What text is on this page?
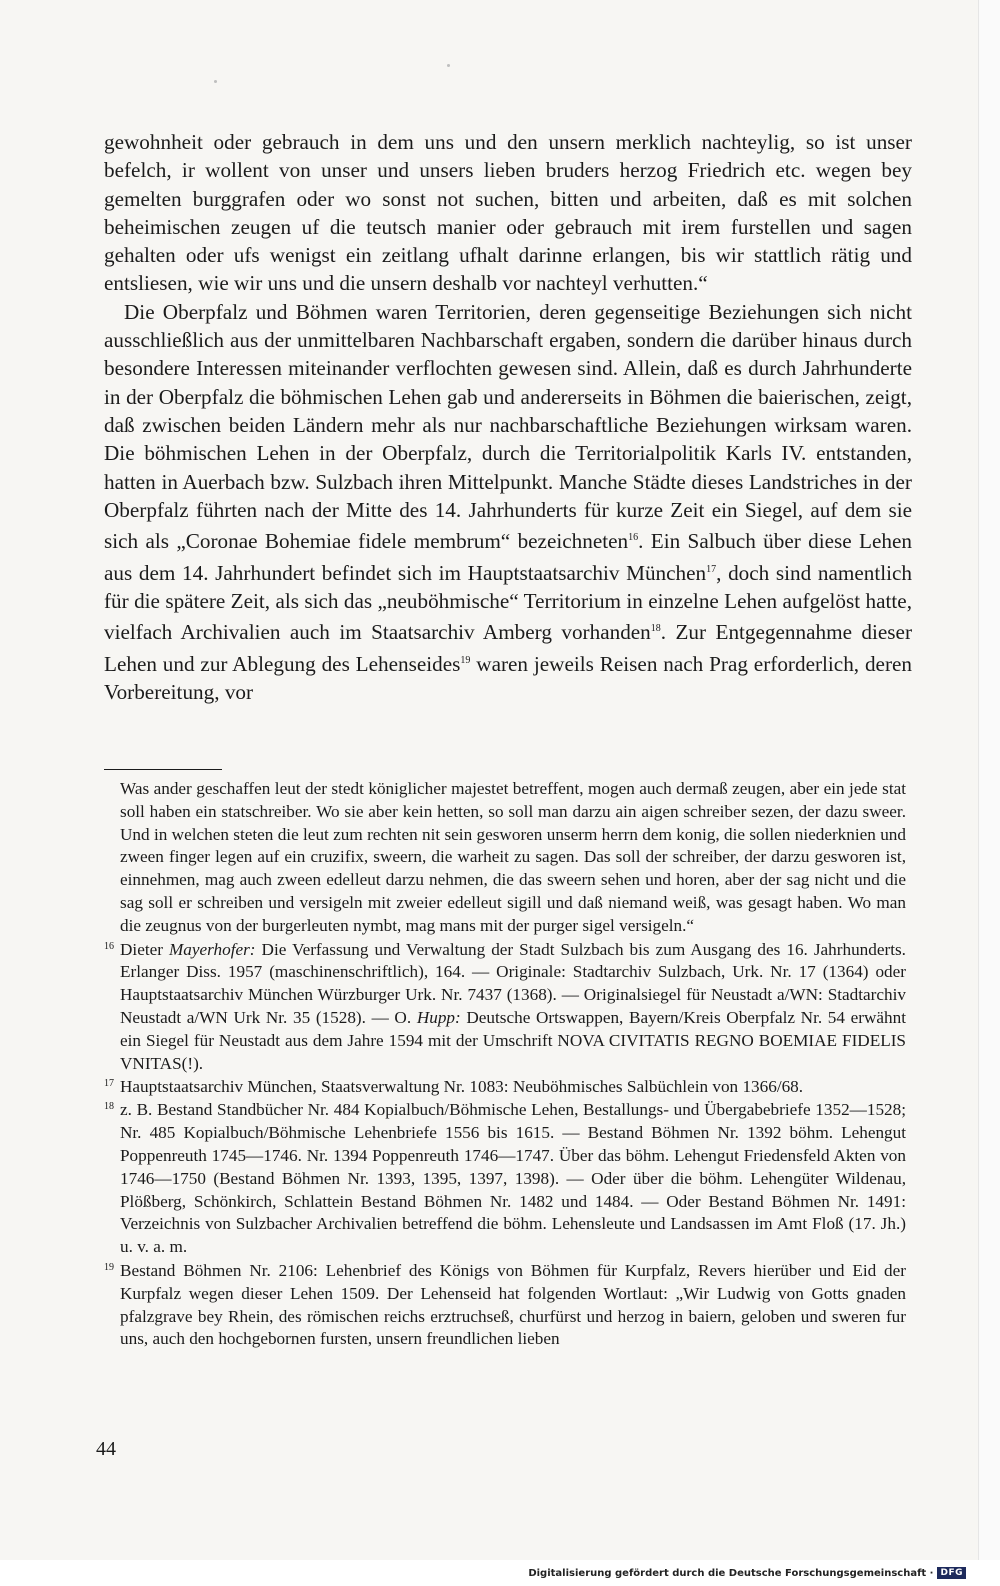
gewohnheit oder gebrauch in dem uns und den unsern merklich nachteylig, so ist unser befelch, ir wollent von unser und unsers lieben bruders herzog Friedrich etc. wegen bey gemelten burggrafen oder wo sonst not suchen, bitten und arbeiten, daß es mit solchen beheimischen zeugen uf die teutsch manier oder gebrauch mit irem furstellen und sagen gehalten oder ufs wenigst ein zeitlang ufhalt darinne erlangen, bis wir stattlich rätig und entsliesen, wie wir uns und die unsern deshalb vor nachteyl verhutten.“

Die Oberpfalz und Böhmen waren Territorien, deren gegenseitige Beziehungen sich nicht ausschließlich aus der unmittelbaren Nachbarschaft ergaben, sondern die darüber hinaus durch besondere Interessen miteinander verflochten gewesen sind. Allein, daß es durch Jahrhunderte in der Oberpfalz die böhmischen Lehen gab und andererseits in Böhmen die baierischen, zeigt, daß zwischen beiden Ländern mehr als nur nachbarschaftliche Beziehungen wirksam waren. Die böhmischen Lehen in der Oberpfalz, durch die Territorialpolitik Karls IV. entstanden, hatten in Auerbach bzw. Sulzbach ihren Mittelpunkt. Manche Städte dieses Landstriches in der Oberpfalz führten nach der Mitte des 14. Jahrhunderts für kurze Zeit ein Siegel, auf dem sie sich als „Coronae Bohemiae fidele membrum“ bezeichneten$^{16}$. Ein Salbuch über diese Lehen aus dem 14. Jahrhundert befindet sich im Hauptstaatsarchiv München$^{17}$, doch sind namentlich für die spätere Zeit, als sich das „neuböhmische“ Territorium in einzelne Lehen aufgelöst hatte, vielfach Archivalien auch im Staatsarchiv Amberg vorhanden$^{18}$. Zur Entgegennahme dieser Lehen und zur Ablegung des Lehenseides$^{19}$ waren jeweils Reisen nach Prag erforderlich, deren Vorbereitung, vor

Was ander geschaffen leut der stedt königlicher majestet betreffent, mogen auch dermaß zeugen, aber ein jede stat soll haben ein statschreiber. Wo sie aber kein hetten, so soll man darzu ain aigen schreiber sezen, der dazu sweer. Und in welchen steten die leut zum rechten nit sein gesworen unserm herrn dem konig, die sollen niederknien und zween finger legen auf ein cruzifix, sweern, die warheit zu sagen. Das soll der schreiber, der darzu gesworen ist, einnehmen, mag auch zween edelleut darzu nehmen, die das sweern sehen und horen, aber der sag nicht und die sag soll er schreiben und versigeln mit zweier edelleut sigill und daß niemand weiß, was gesagt haben. Wo man die zeugnus von der burgerleuten nymbt, mag mans mit der purger sigel versigeln.“
16 Dieter Mayerhofer: Die Verfassung und Verwaltung der Stadt Sulzbach bis zum Ausgang des 16. Jahrhunderts. Erlanger Diss. 1957 (maschinenschriftlich), 164. — Originale: Stadtarchiv Sulzbach, Urk. Nr. 17 (1364) oder Hauptstaatsarchiv München Würzburger Urk. Nr. 7437 (1368). — Originalsiegel für Neustadt a/WN: Stadtarchiv Neustadt a/WN Urk Nr. 35 (1528). — O. Hupp: Deutsche Ortswappen, Bayern/Kreis Oberpfalz Nr. 54 erwähnt ein Siegel für Neustadt aus dem Jahre 1594 mit der Umschrift NOVA CIVITATIS REGNO BOEMIAE FIDELIS VNITAS(!).
17 Hauptstaatsarchiv München, Staatsverwaltung Nr. 1083: Neuböhmisches Salbüchlein von 1366/68.
18 z. B. Bestand Standbücher Nr. 484 Kopialbuch/Böhmische Lehen, Bestallungs- und Übergabebriefe 1352—1528; Nr. 485 Kopialbuch/Böhmische Lehenbriefe 1556 bis 1615. — Bestand Böhmen Nr. 1392 böhm. Lehengut Poppenreuth 1745—1746. Nr. 1394 Poppenreuth 1746—1747. Über das böhm. Lehengut Friedensfeld Akten von 1746—1750 (Bestand Böhmen Nr. 1393, 1395, 1397, 1398). — Oder über die böhm. Lehengüter Wildenau, Plößberg, Schönkirch, Schlattein Bestand Böhmen Nr. 1482 und 1484. — Oder Bestand Böhmen Nr. 1491: Verzeichnis von Sulzbacher Archivalien betreffend die böhm. Lehensleute und Landsassen im Amt Floß (17. Jh.) u. v. a. m.
19 Bestand Böhmen Nr. 2106: Lehenbrief des Königs von Böhmen für Kurpfalz, Revers hierüber und Eid der Kurpfalz wegen dieser Lehen 1509. Der Lehenseid hat folgenden Wortlaut: „Wir Ludwig von Gotts gnaden pfalzgrave bey Rhein, des römischen reichs erztruchseß, churfürst und herzog in baiern, geloben und sweren fur uns, auch den hochgebornen fursten, unsern freundlichen lieben
44
Digitalisierung gefördert durch die Deutsche Forschungsgemeinschaft · DFG
